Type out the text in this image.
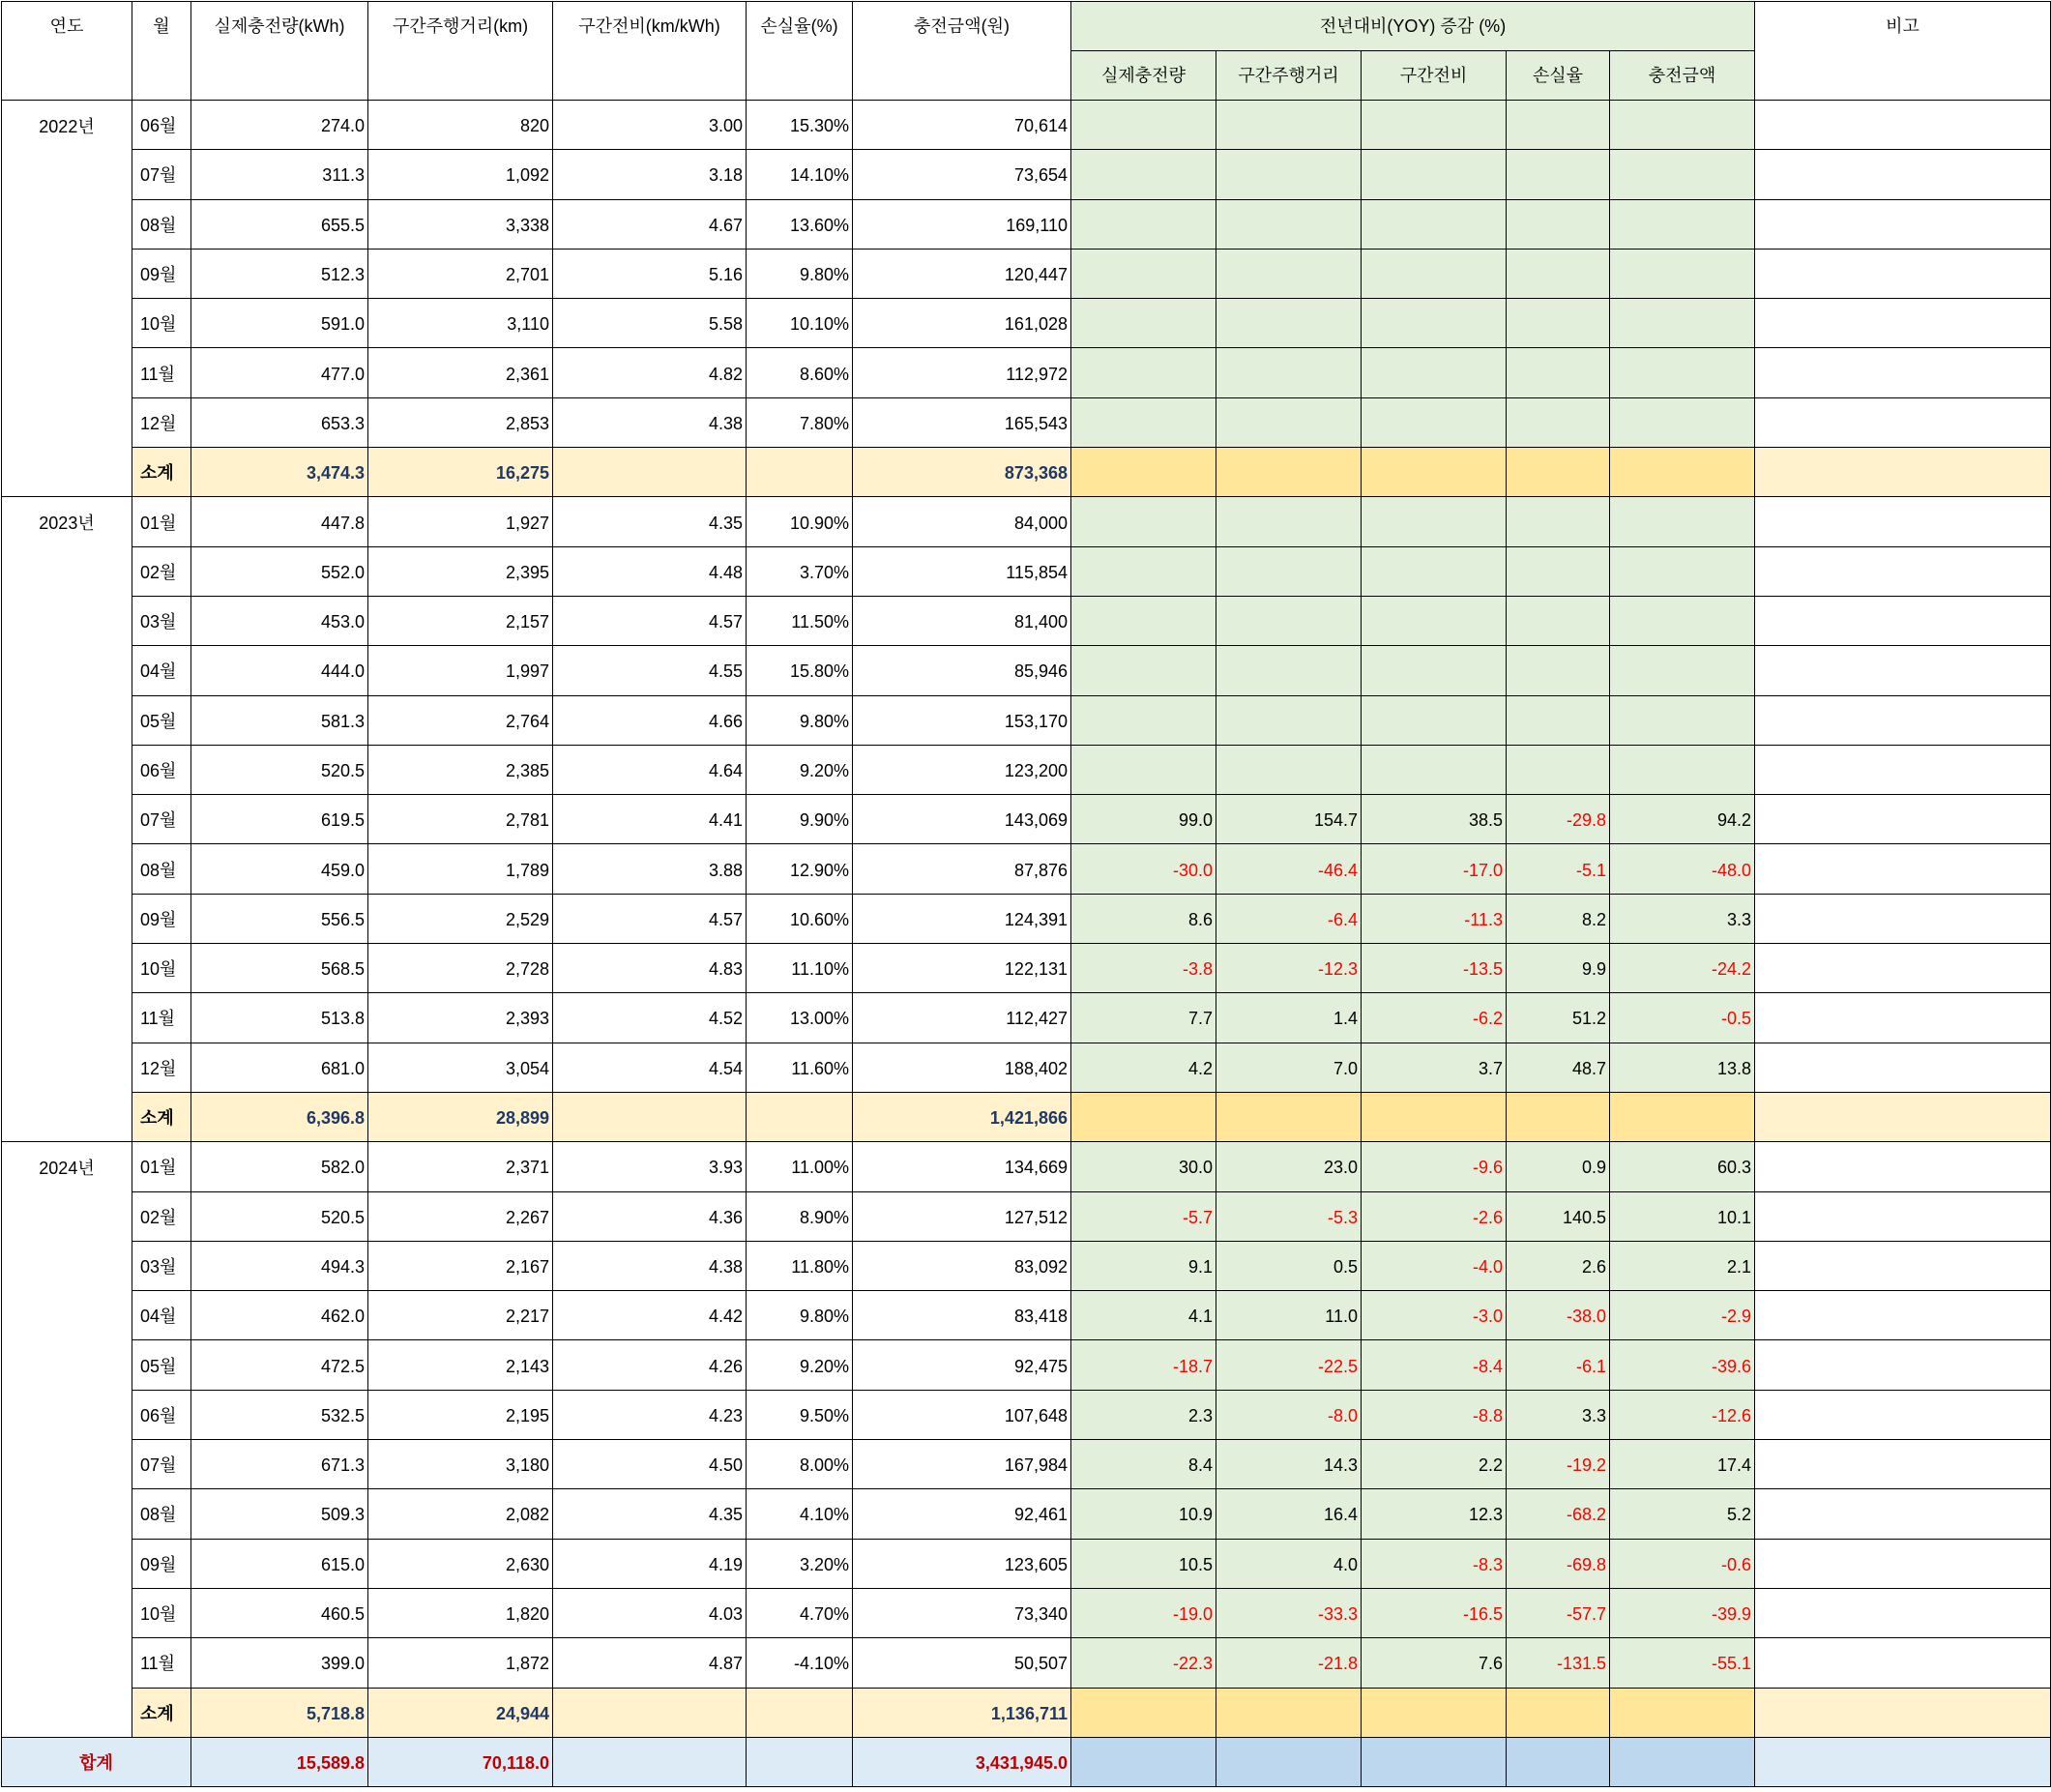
연도	월	실제충전량(kWh)	구간주행거리(km)	구간전비(km/kWh)	손실율(%)	충전금액(원)	전년대비(YOY) 증감 (%)					비고
							실제충전량	구간주행거리	구간전비	손실율	충전금액	
2022년	06월	274.0	820	3.00	15.30%	70,614						
	07월	311.3	1,092	3.18	14.10%	73,654						
	08월	655.5	3,338	4.67	13.60%	169,110						
	09월	512.3	2,701	5.16	9.80%	120,447						
	10월	591.0	3,110	5.58	10.10%	161,028						
	11월	477.0	2,361	4.82	8.60%	112,972						
	12월	653.3	2,853	4.38	7.80%	165,543						
	소계	3,474.3	16,275			873,368						
2023년	01월	447.8	1,927	4.35	10.90%	84,000						
	02월	552.0	2,395	4.48	3.70%	115,854						
	03월	453.0	2,157	4.57	11.50%	81,400						
	04월	444.0	1,997	4.55	15.80%	85,946						
	05월	581.3	2,764	4.66	9.80%	153,170						
	06월	520.5	2,385	4.64	9.20%	123,200						
	07월	619.5	2,781	4.41	9.90%	143,069	99.0	154.7	38.5	-29.8	94.2	
	08월	459.0	1,789	3.88	12.90%	87,876	-30.0	-46.4	-17.0	-5.1	-48.0	
	09월	556.5	2,529	4.57	10.60%	124,391	8.6	-6.4	-11.3	8.2	3.3	
	10월	568.5	2,728	4.83	11.10%	122,131	-3.8	-12.3	-13.5	9.9	-24.2	
	11월	513.8	2,393	4.52	13.00%	112,427	7.7	1.4	-6.2	51.2	-0.5	
	12월	681.0	3,054	4.54	11.60%	188,402	4.2	7.0	3.7	48.7	13.8	
	소계	6,396.8	28,899			1,421,866						
2024년	01월	582.0	2,371	3.93	11.00%	134,669	30.0	23.0	-9.6	0.9	60.3	
	02월	520.5	2,267	4.36	8.90%	127,512	-5.7	-5.3	-2.6	140.5	10.1	
	03월	494.3	2,167	4.38	11.80%	83,092	9.1	0.5	-4.0	2.6	2.1	
	04월	462.0	2,217	4.42	9.80%	83,418	4.1	11.0	-3.0	-38.0	-2.9	
	05월	472.5	2,143	4.26	9.20%	92,475	-18.7	-22.5	-8.4	-6.1	-39.6	
	06월	532.5	2,195	4.23	9.50%	107,648	2.3	-8.0	-8.8	3.3	-12.6	
	07월	671.3	3,180	4.50	8.00%	167,984	8.4	14.3	2.2	-19.2	17.4	
	08월	509.3	2,082	4.35	4.10%	92,461	10.9	16.4	12.3	-68.2	5.2	
	09월	615.0	2,630	4.19	3.20%	123,605	10.5	4.0	-8.3	-69.8	-0.6	
	10월	460.5	1,820	4.03	4.70%	73,340	-19.0	-33.3	-16.5	-57.7	-39.9	
	11월	399.0	1,872	4.87	-4.10%	50,507	-22.3	-21.8	7.6	-131.5	-55.1	
	소계	5,718.8	24,944			1,136,711						
합계		15,589.8	70,118.0			3,431,945.0						
